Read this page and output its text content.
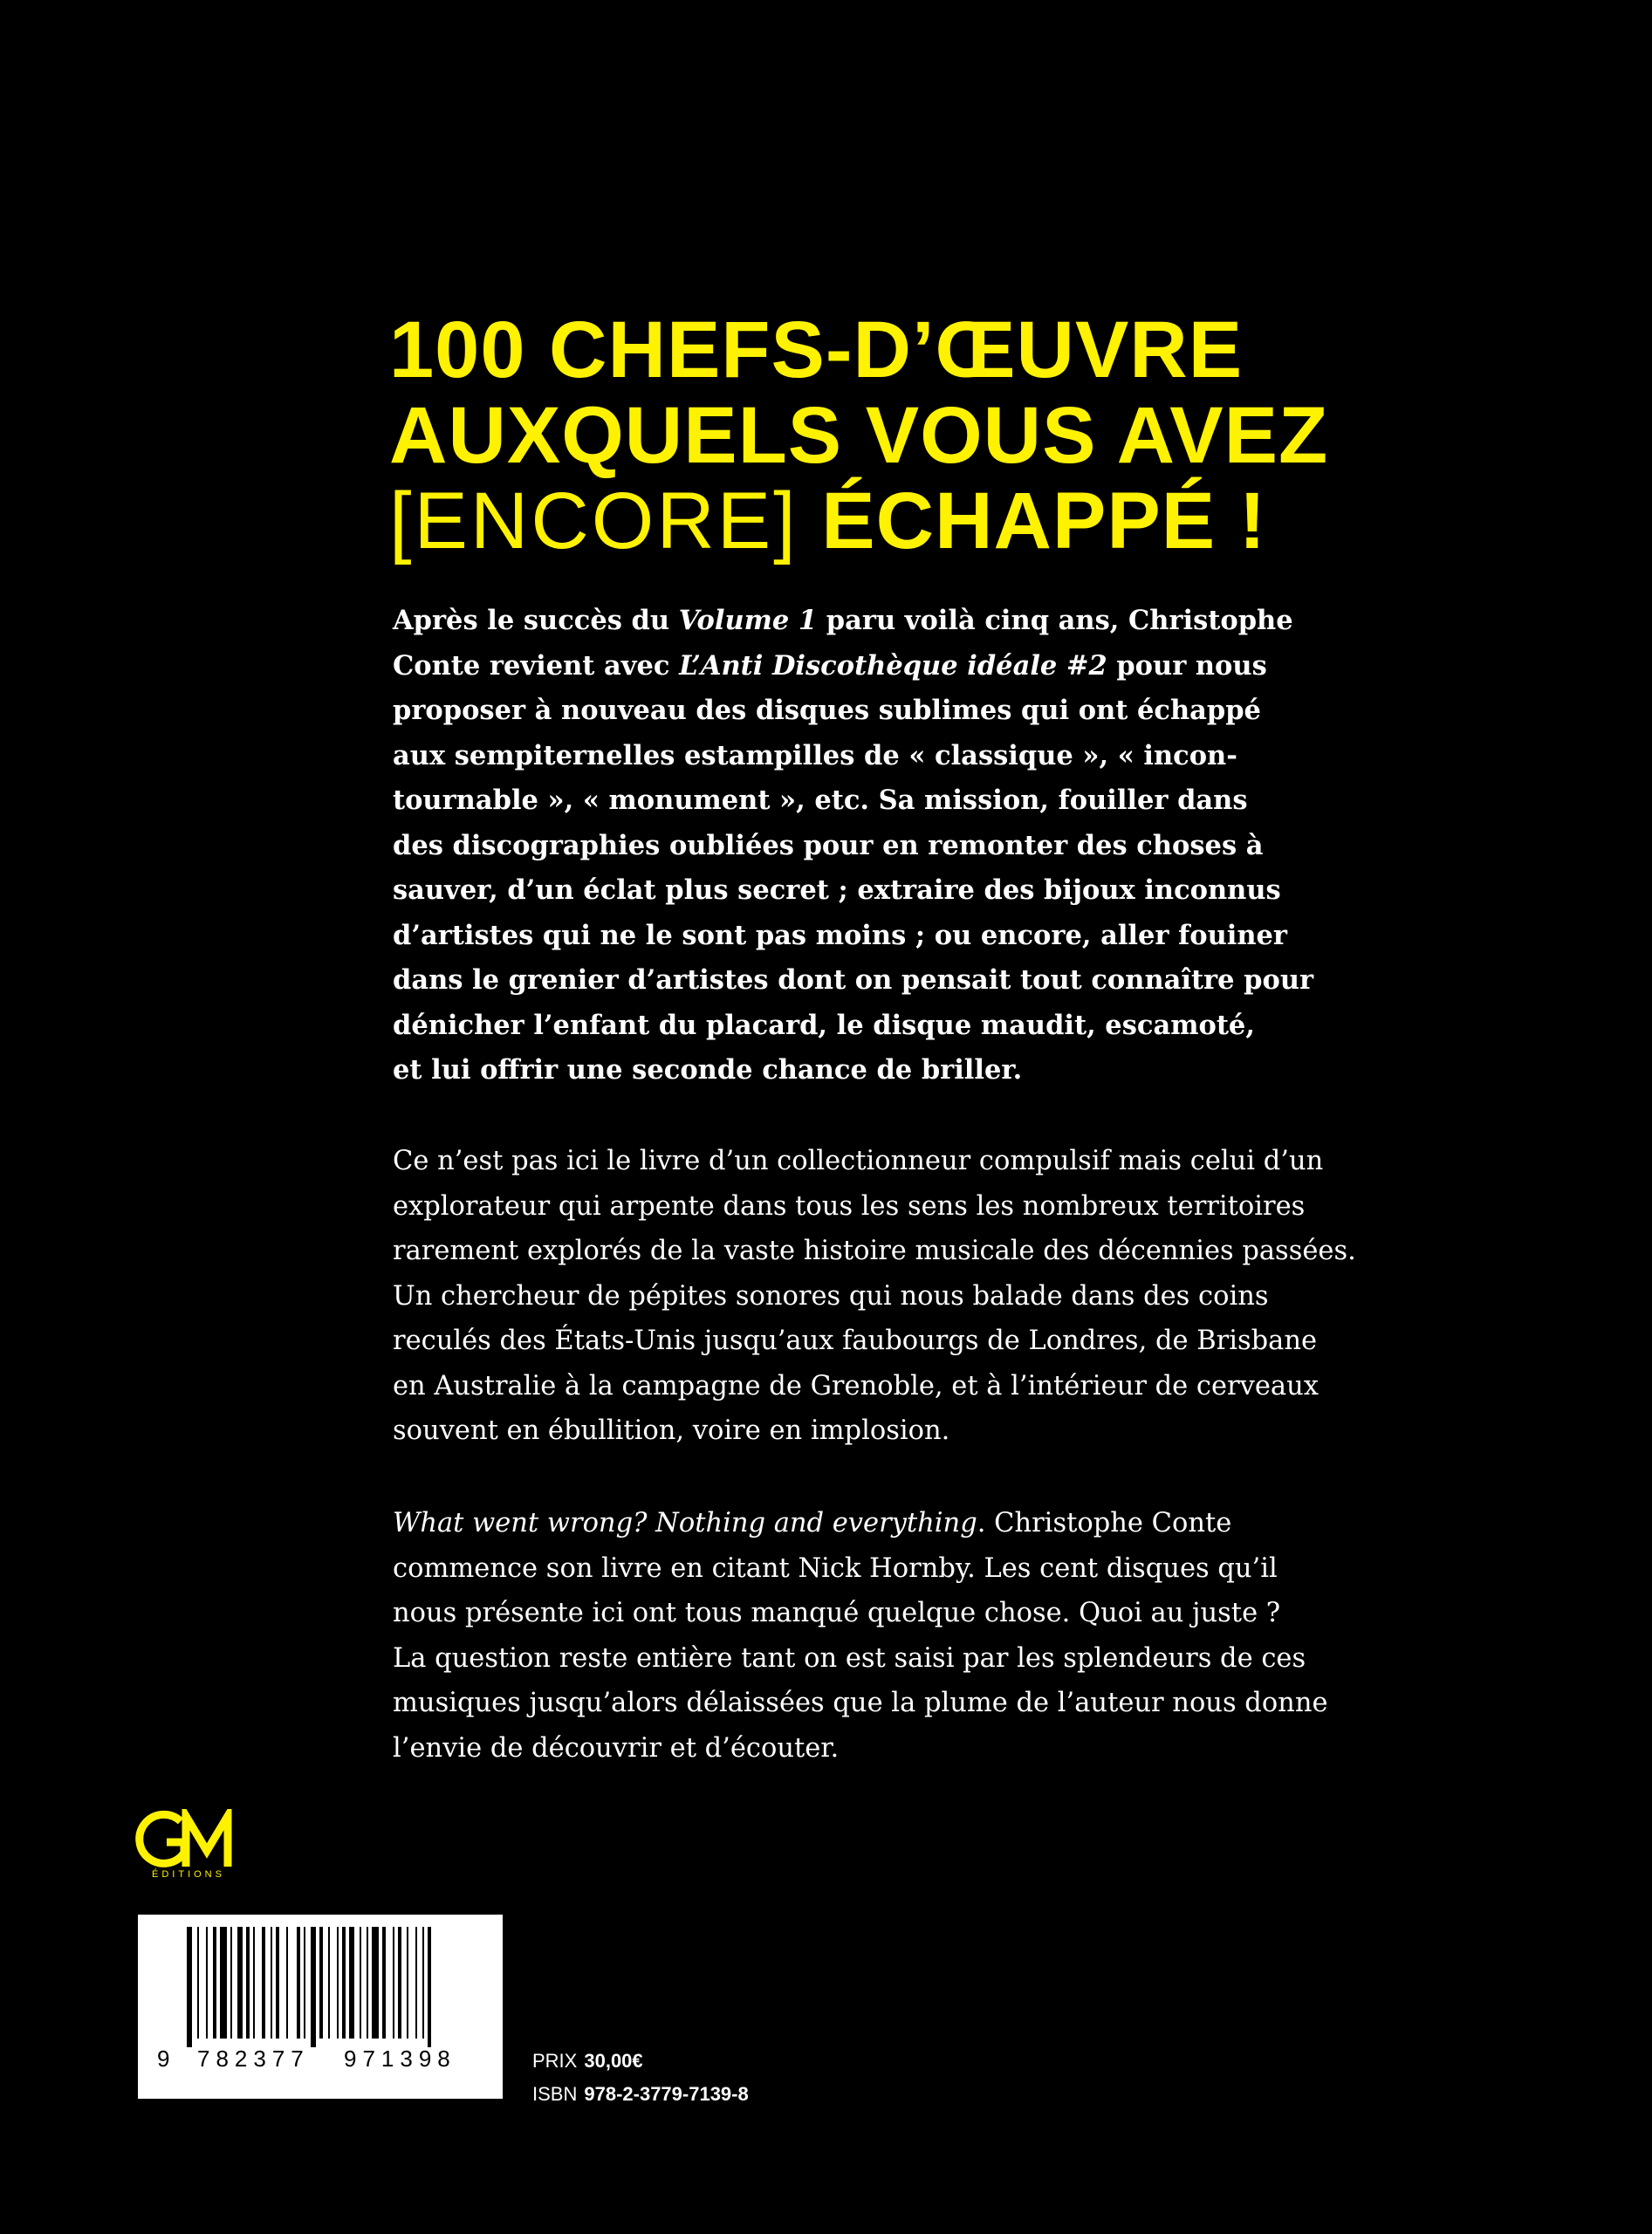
100 CHEFS-D’ŒUVRE
AUXQUELS VOUS AVEZ
[ENCORE] ÉCHAPPÉ !
Après le succès du Volume 1 paru voilà cinq ans, Christophe
Conte revient avec L’Anti Discothèque idéale #2 pour nous
proposer à nouveau des disques sublimes qui ont échappé
aux sempiternelles estampilles de « classique », « incon-
tournable », « monument », etc. Sa mission, fouiller dans
des discographies oubliées pour en remonter des choses à
sauver, d’un éclat plus secret ; extraire des bijoux inconnus
d’artistes qui ne le sont pas moins ; ou encore, aller fouiner
dans le grenier d’artistes dont on pensait tout connaître pour
dénicher l’enfant du placard, le disque maudit, escamoté,
et lui offrir une seconde chance de briller.
Ce n’est pas ici le livre d’un collectionneur compulsif mais celui d’un
explorateur qui arpente dans tous les sens les nombreux territoires
rarement explorés de la vaste histoire musicale des décennies passées.
Un chercheur de pépites sonores qui nous balade dans des coins
reculés des États-Unis jusqu’aux faubourgs de Londres, de Brisbane
en Australie à la campagne de Grenoble, et à l’intérieur de cerveaux
souvent en ébullition, voire en implosion.
What went wrong? Nothing and everything. Christophe Conte
commence son livre en citant Nick Hornby. Les cent disques qu’il
nous présente ici ont tous manqué quelque chose. Quoi au juste ?
La question reste entière tant on est saisi par les splendeurs de ces
musiques jusqu’alors délaissées que la plume de l’auteur nous donne
l’envie de découvrir et d’écouter.
ÉDITIONS
9 782377 971398	PRIX 30,00€
ISBN 978-2-3779-7139-8
